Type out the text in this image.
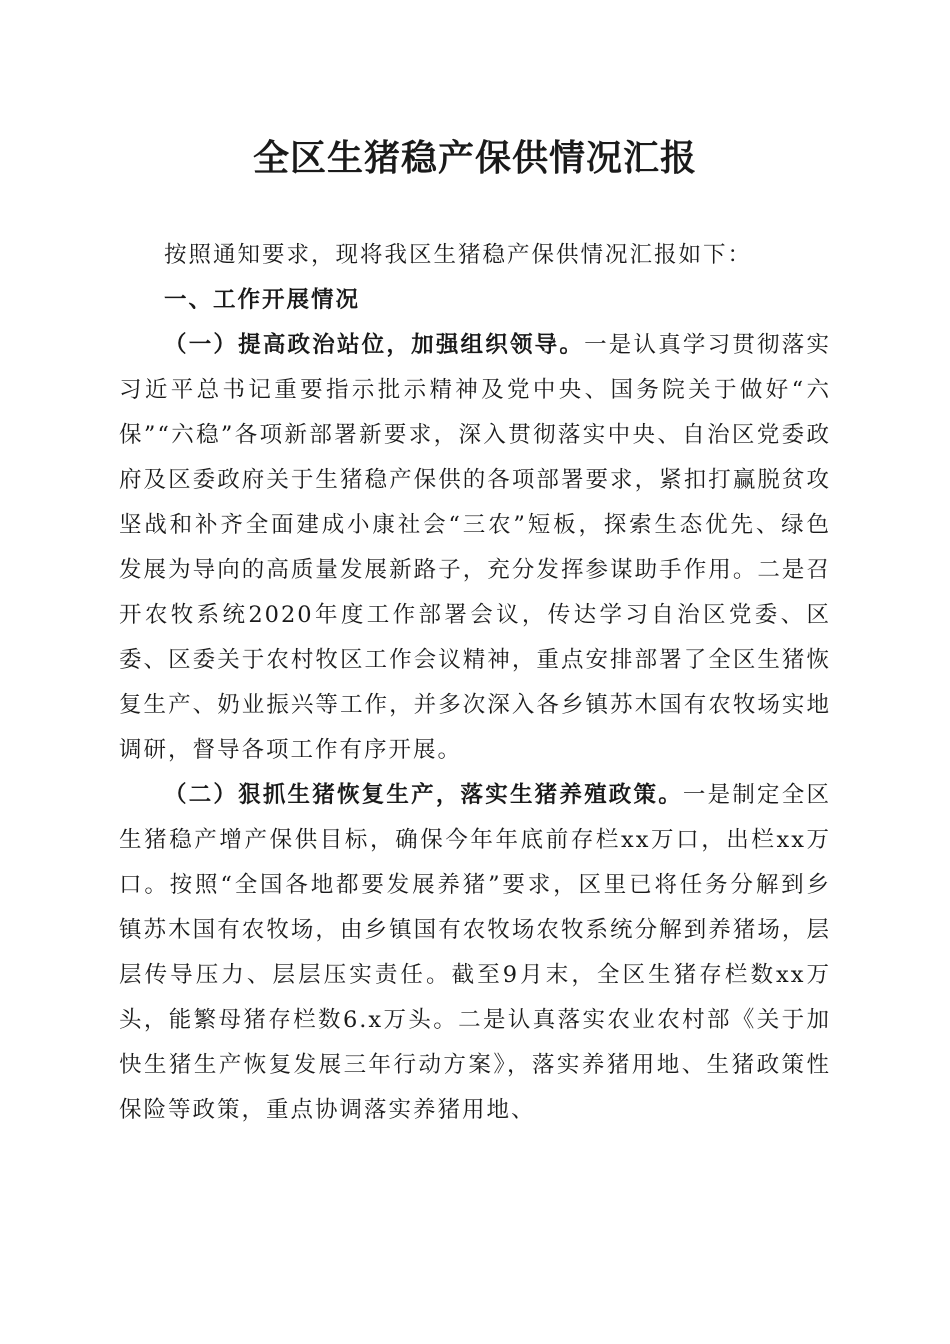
全区生猪稳产保供情况汇报

按照通知要求，现将我区生猪稳产保供情况汇报如下：

一、工作开展情况

（一）提高政治站位，加强组织领导。一是认真学习贯彻落实习近平总书记重要指示批示精神及党中央、国务院关于做好“六保”“六稳”各项新部署新要求，深入贯彻落实中央、自治区党委政府及区委政府关于生猪稳产保供的各项部署要求，紧扣打赢脱贫攻坚战和补齐全面建成小康社会“三农”短板，探索生态优先、绿色发展为导向的高质量发展新路子，充分发挥参谋助手作用。二是召开农牧系统2020年度工作部署会议，传达学习自治区党委、区委、区委关于农村牧区工作会议精神，重点安排部署了全区生猪恢复生产、奶业振兴等工作，并多次深入各乡镇苏木国有农牧场实地调研，督导各项工作有序开展。

（二）狠抓生猪恢复生产，落实生猪养殖政策。一是制定全区生猪稳产增产保供目标，确保今年年底前存栏xx万口，出栏xx万口。按照“全国各地都要发展养猪”要求，区里已将任务分解到乡镇苏木国有农牧场，由乡镇国有农牧场农牧系统分解到养猪场，层层传导压力、层层压实责任。截至9月末，全区生猪存栏数xx万头，能繁母猪存栏数6.x万头。二是认真落实农业农村部《关于加快生猪生产恢复发展三年行动方案》，落实养猪用地、生猪政策性保险等政策，重点协调落实养猪用地、
